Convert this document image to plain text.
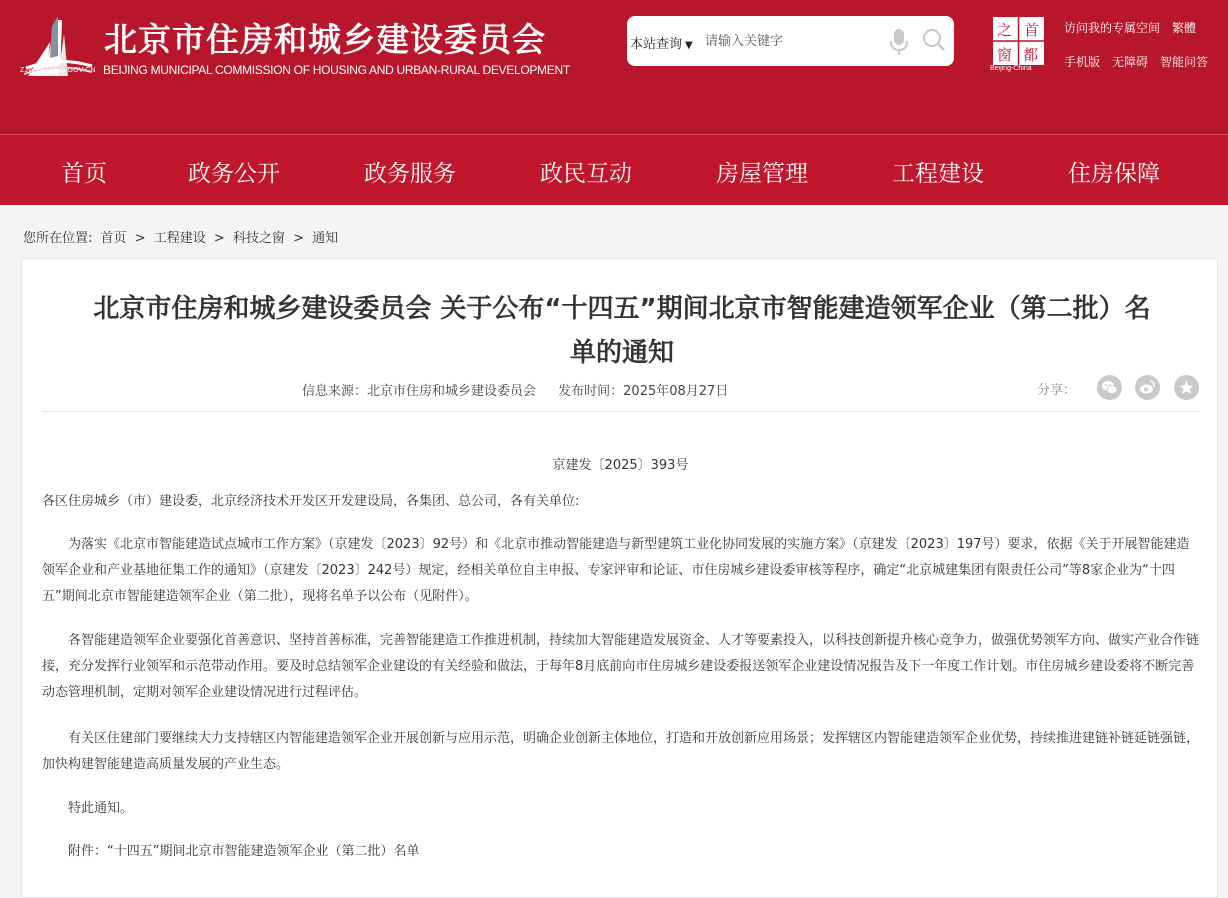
ZJW.BEIJING.GOV.CN
北京市住房和城乡建设委员会
BEIJING MUNICIPAL COMMISSION OF HOUSING AND URBAN-RURAL DEVELOPMENT
本站查询 ▼
请输入关键字
首
都
之
窗
Beijing-China
访问我的专属空间 繁體
手机版 无障碍 智能问答
首页	政务公开	政务服务	政民互动	房屋管理	工程建设	住房保障
您所在位置: 首页 > 工程建设 > 科技之窗 > 通知
北京市住房和城乡建设委员会 关于公布“十四五”期间北京市智能建造领军企业（第二批）名
单的通知
信息来源：北京市住房和城乡建设委员会 发布时间：2025年08月27日	分享：
京建发〔2025〕393号
各区住房城乡（市）建设委，北京经济技术开发区开发建设局，各集团、总公司，各有关单位:
为落实《北京市智能建造试点城市工作方案》（京建发〔2023〕92号）和《北京市推动智能建造与新型建筑工业化协同发展的实施方案》（京建发〔2023〕197号）要求，依据《关于开展智能建造领军企业和产业基地征集工作的通知》（京建发〔2023〕242号）规定，经相关单位自主申报、专家评审和论证、市住房城乡建设委审核等程序，确定“北京城建集团有限责任公司”等8家企业为“十四五”期间北京市智能建造领军企业（第二批），现将名单予以公布（见附件）。
各智能建造领军企业要强化首善意识、坚持首善标准，完善智能建造工作推进机制，持续加大智能建造发展资金、人才等要素投入，以科技创新提升核心竞争力，做强优势领军方向、做实产业合作链接，充分发挥行业领军和示范带动作用。要及时总结领军企业建设的有关经验和做法，于每年8月底前向市住房城乡建设委报送领军企业建设情况报告及下一年度工作计划。市住房城乡建设委将不断完善动态管理机制，定期对领军企业建设情况进行过程评估。
有关区住建部门要继续大力支持辖区内智能建造领军企业开展创新与应用示范，明确企业创新主体地位，打造和开放创新应用场景；发挥辖区内智能建造领军企业优势，持续推进建链补链延链强链，加快构建智能建造高质量发展的产业生态。
特此通知。
附件：“十四五”期间北京市智能建造领军企业（第二批）名单
